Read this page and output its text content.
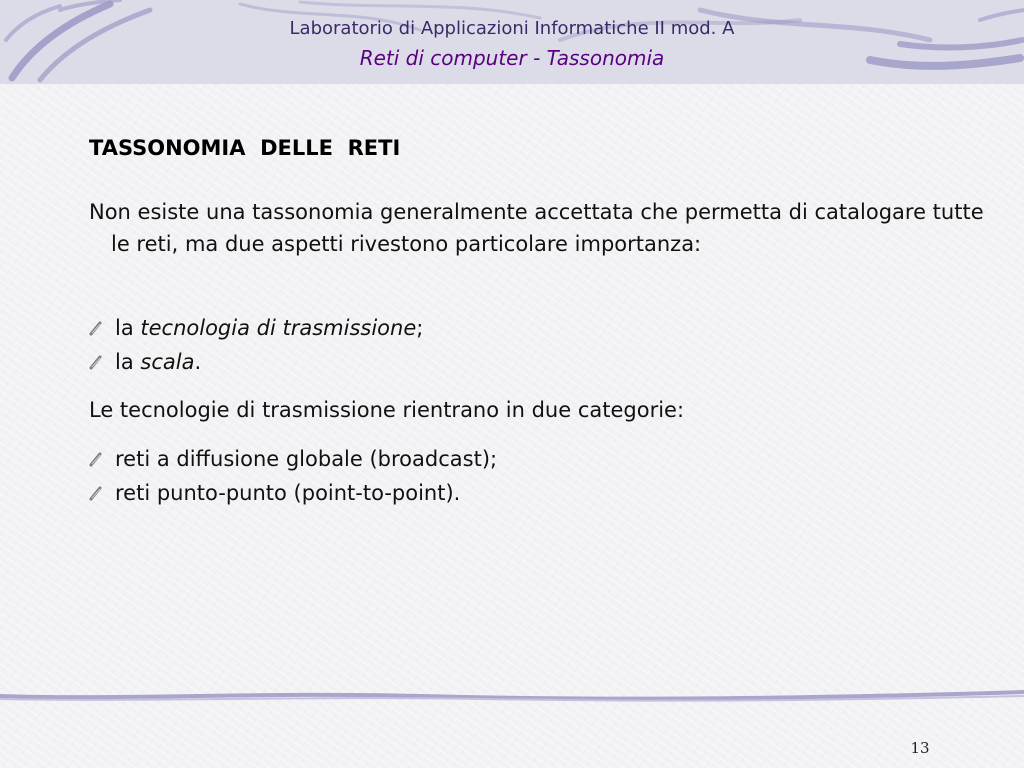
Laboratorio di Applicazioni Informatiche II mod. A
Reti di computer - Tassonomia
TASSONOMIA  DELLE  RETI
Non esiste una tassonomia generalmente accettata che permetta di catalogare tutte le reti, ma due aspetti rivestono particolare importanza:
la tecnologia di trasmissione;
la scala.
Le tecnologie di trasmissione rientrano in due categorie:
reti a diffusione globale (broadcast);
reti punto-punto (point-to-point).
13
